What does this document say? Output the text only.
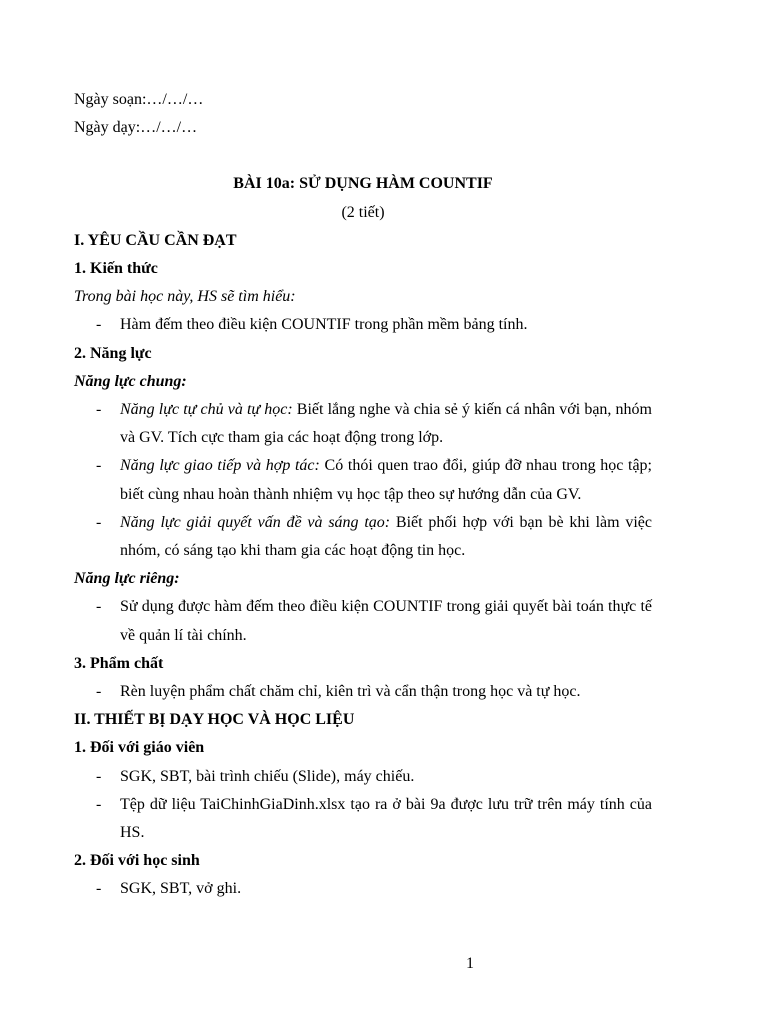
Ngày soạn:…/…/…

Ngày dạy:…/…/…

BÀI 10a: SỬ DỤNG HÀM COUNTIF

(2 tiết)

I. YÊU CẦU CẦN ĐẠT

1. Kiến thức

Trong bài học này, HS sẽ tìm hiểu:

- Hàm đếm theo điều kiện COUNTIF trong phần mềm bảng tính.

2. Năng lực

Năng lực chung:

- Năng lực tự chủ và tự học: Biết lắng nghe và chia sẻ ý kiến cá nhân với bạn, nhóm và GV. Tích cực tham gia các hoạt động trong lớp.
- Năng lực giao tiếp và hợp tác: Có thói quen trao đổi, giúp đỡ nhau trong học tập; biết cùng nhau hoàn thành nhiệm vụ học tập theo sự hướng dẫn của GV.
- Năng lực giải quyết vấn đề và sáng tạo: Biết phối hợp với bạn bè khi làm việc nhóm, có sáng tạo khi tham gia các hoạt động tin học.

Năng lực riêng:

- Sử dụng được hàm đếm theo điều kiện COUNTIF trong giải quyết bài toán thực tế về quản lí tài chính.

3. Phẩm chất

- Rèn luyện phẩm chất chăm chỉ, kiên trì và cẩn thận trong học và tự học.

II. THIẾT BỊ DẠY HỌC VÀ HỌC LIỆU

1. Đối với giáo viên

- SGK, SBT, bài trình chiếu (Slide), máy chiếu.
- Tệp dữ liệu TaiChinhGiaDinh.xlsx tạo ra ở bài 9a được lưu trữ trên máy tính của HS.

2. Đối với học sinh

- SGK, SBT, vở ghi.
1
